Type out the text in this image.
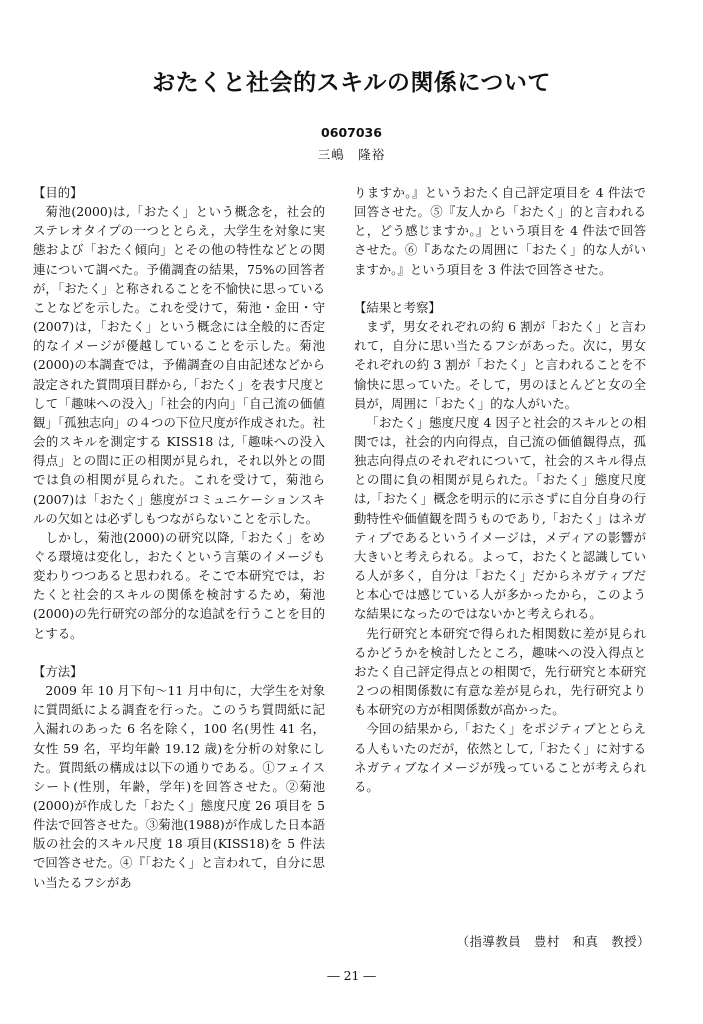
おたくと社会的スキルの関係について
0607036
三嶋　隆裕

【目的】

菊池(2000)は,「おたく」という概念を，社会的ステレオタイプの一つととらえ，大学生を対象に実態および「おたく傾向」とその他の特性などとの関連について調べた。予備調査の結果，75%の回答者が，「おたく」と称されることを不愉快に思っていることなどを示した。これを受けて，菊池・金田・守(2007)は，「おたく」という概念には全般的に否定的なイメージが優越していることを示した。菊池(2000)の本調査では，予備調査の自由記述などから設定された質問項目群から,「おたく」を表す尺度として「趣味への没入」「社会的内向」「自己流の価値観」「孤独志向」の４つの下位尺度が作成された。社会的スキルを測定する KISS18 は,「趣味への没入得点」との間に正の相関が見られ，それ以外との間では負の相関が見られた。これを受けて，菊池ら(2007)は「おたく」態度がコミュニケーションスキルの欠如とは必ずしもつながらないことを示した。

しかし，菊池(2000)の研究以降,「おたく」をめぐる環境は変化し，おたくという言葉のイメージも変わりつつあると思われる。そこで本研究では，おたくと社会的スキルの関係を検討するため，菊池(2000)の先行研究の部分的な追試を行うことを目的とする。

【方法】

2009 年 10 月下旬～11 月中旬に，大学生を対象に質問紙による調査を行った。このうち質問紙に記入漏れのあった 6 名を除く，100 名(男性 41 名，女性 59 名，平均年齢 19.12 歳)を分析の対象にした。質問紙の構成は以下の通りである。①フェイスシート(性別，年齢，学年)を回答させた。②菊池(2000)が作成した「おたく」態度尺度 26 項目を 5 件法で回答させた。③菊池(1988)が作成した日本語版の社会的スキル尺度 18 項目(KISS18)を 5 件法で回答させた。④『「おたく」と言われて，自分に思い当たるフシがあ

りますか。』というおたく自己評定項目を 4 件法で回答させた。⑤『友人から「おたく」的と言われると，どう感じますか。』という項目を 4 件法で回答させた。⑥『あなたの周囲に「おたく」的な人がいますか。』という項目を 3 件法で回答させた。

【結果と考察】

まず，男女それぞれの約 6 割が「おたく」と言われて，自分に思い当たるフシがあった。次に，男女それぞれの約 3 割が「おたく」と言われることを不愉快に思っていた。そして，男のほとんどと女の全員が，周囲に「おたく」的な人がいた。

「おたく」態度尺度 4 因子と社会的スキルとの相関では，社会的内向得点，自己流の価値観得点，孤独志向得点のそれぞれについて，社会的スキル得点との間に負の相関が見られた。「おたく」態度尺度は,「おたく」概念を明示的に示さずに自分自身の行動特性や価値観を問うものであり,「おたく」はネガティブであるというイメージは，メディアの影響が大きいと考えられる。よって，おたくと認識している人が多く，自分は「おたく」だからネガティブだと本心では感じている人が多かったから，このような結果になったのではないかと考えられる。

先行研究と本研究で得られた相関数に差が見られるかどうかを検討したところ，趣味への没入得点とおたく自己評定得点との相関で，先行研究と本研究２つの相関係数に有意な差が見られ，先行研究よりも本研究の方が相関係数が高かった。

今回の結果から,「おたく」をポジティブととらえる人もいたのだが，依然として,「おたく」に対するネガティブなイメージが残っていることが考えられる。

（指導教員　豊村　和真　教授）
― 21 ―
